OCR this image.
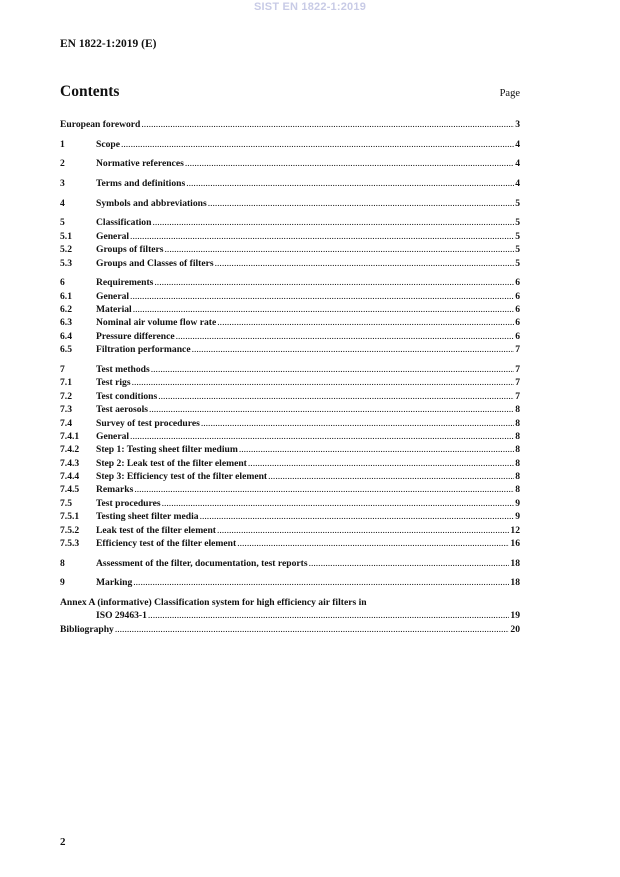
SIST EN 1822-1:2019
EN 1822-1:2019 (E)
Contents	Page
European foreword .....	3
1	Scope .....	4
2	Normative references .....	4
3	Terms and definitions .....	4
4	Symbols and abbreviations .....	5
5	Classification .....	5
5.1	General .....	5
5.2	Groups of filters .....	5
5.3	Groups and Classes of filters .....	5
6	Requirements .....	6
6.1	General .....	6
6.2	Material .....	6
6.3	Nominal air volume flow rate .....	6
6.4	Pressure difference .....	6
6.5	Filtration performance .....	7
7	Test methods .....	7
7.1	Test rigs .....	7
7.2	Test conditions .....	7
7.3	Test aerosols .....	8
7.4	Survey of test procedures .....	8
7.4.1	General .....	8
7.4.2	Step 1: Testing sheet filter medium .....	8
7.4.3	Step 2: Leak test of the filter element .....	8
7.4.4	Step 3: Efficiency test of the filter element .....	8
7.4.5	Remarks .....	8
7.5	Test procedures .....	9
7.5.1	Testing sheet filter media .....	9
7.5.2	Leak test of the filter element .....	12
7.5.3	Efficiency test of the filter element .....	16
8	Assessment of the filter, documentation, test reports .....	18
9	Marking .....	18
Annex A (informative) Classification system for high efficiency air filters in
ISO 29463-1 .....	19
Bibliography .....	20
2
